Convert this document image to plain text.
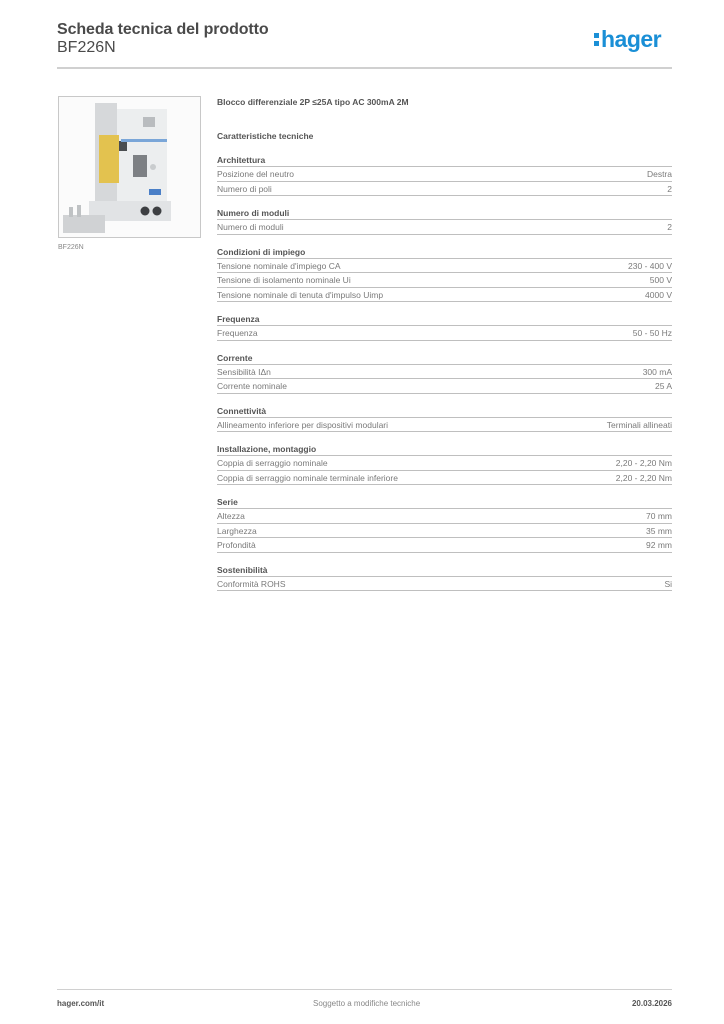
Scheda tecnica del prodotto
BF226N	hager
BF226N
Blocco differenziale 2P ≤25A tipo AC 300mA 2M
Caratteristiche tecniche
Architettura
Posizione del neutro	Destra
Numero di poli	2
Numero di moduli
Numero di moduli	2
Condizioni di impiego
Tensione nominale d'impiego CA	230 - 400 V
Tensione di isolamento nominale Ui	500 V
Tensione nominale di tenuta d'impulso Uimp	4000 V
Frequenza
Frequenza	50 - 50 Hz
Corrente
Sensibilità IΔn	300 mA
Corrente nominale	25 A
Connettività
Allineamento inferiore per dispositivi modulari	Terminali allineati
Installazione, montaggio
Coppia di serraggio nominale	2,20 - 2,20 Nm
Coppia di serraggio nominale terminale inferiore	2,20 - 2,20 Nm
Serie
Altezza	70 mm
Larghezza	35 mm
Profondità	92 mm
Sostenibilità
Conformità ROHS	Si
hager.com/it	Soggetto a modifiche tecniche	20.03.2026
